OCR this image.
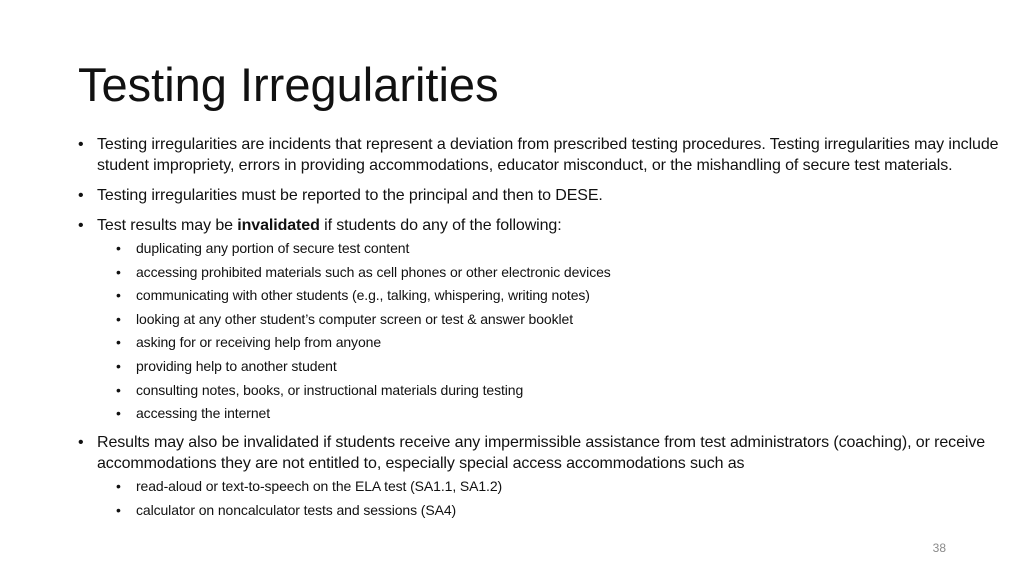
Testing Irregularities
• Testing irregularities are incidents that represent a deviation from prescribed testing procedures. Testing irregularities may include student impropriety, errors in providing accommodations, educator misconduct, or the mishandling of secure test materials.
• Testing irregularities must be reported to the principal and then to DESE.
• Test results may be invalidated if students do any of the following:
• duplicating any portion of secure test content
• accessing prohibited materials such as cell phones or other electronic devices
• communicating with other students (e.g., talking, whispering, writing notes)
• looking at any other student’s computer screen or test & answer booklet
• asking for or receiving help from anyone
• providing help to another student
• consulting notes, books, or instructional materials during testing
• accessing the internet
• Results may also be invalidated if students receive any impermissible assistance from test administrators (coaching), or receive accommodations they are not entitled to, especially special access accommodations such as
• read-aloud or text-to-speech on the ELA test (SA1.1, SA1.2)
• calculator on noncalculator tests and sessions (SA4)
38
